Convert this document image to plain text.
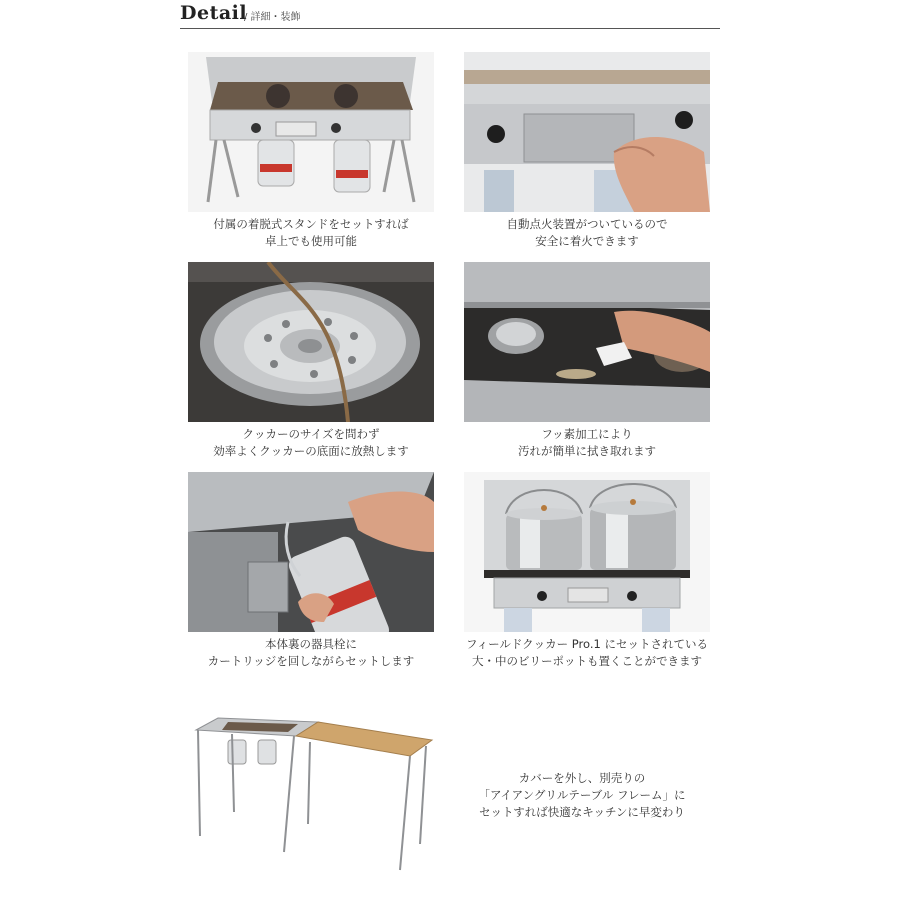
Detail
/ 詳細・装飾
付属の着脱式スタンドをセットすれば
卓上でも使用可能
自動点火装置がついているので
安全に着火できます
クッカーのサイズを問わず
効率よくクッカーの底面に放熱します
フッ素加工により
汚れが簡単に拭き取れます
本体裏の器具栓に
カートリッジを回しながらセットします
フィールドクッカー Pro.1 にセットされている
大・中のビリーポットも置くことができます
カバーを外し、別売りの
「アイアングリルテーブル フレーム」に
セットすれば快適なキッチンに早変わり
